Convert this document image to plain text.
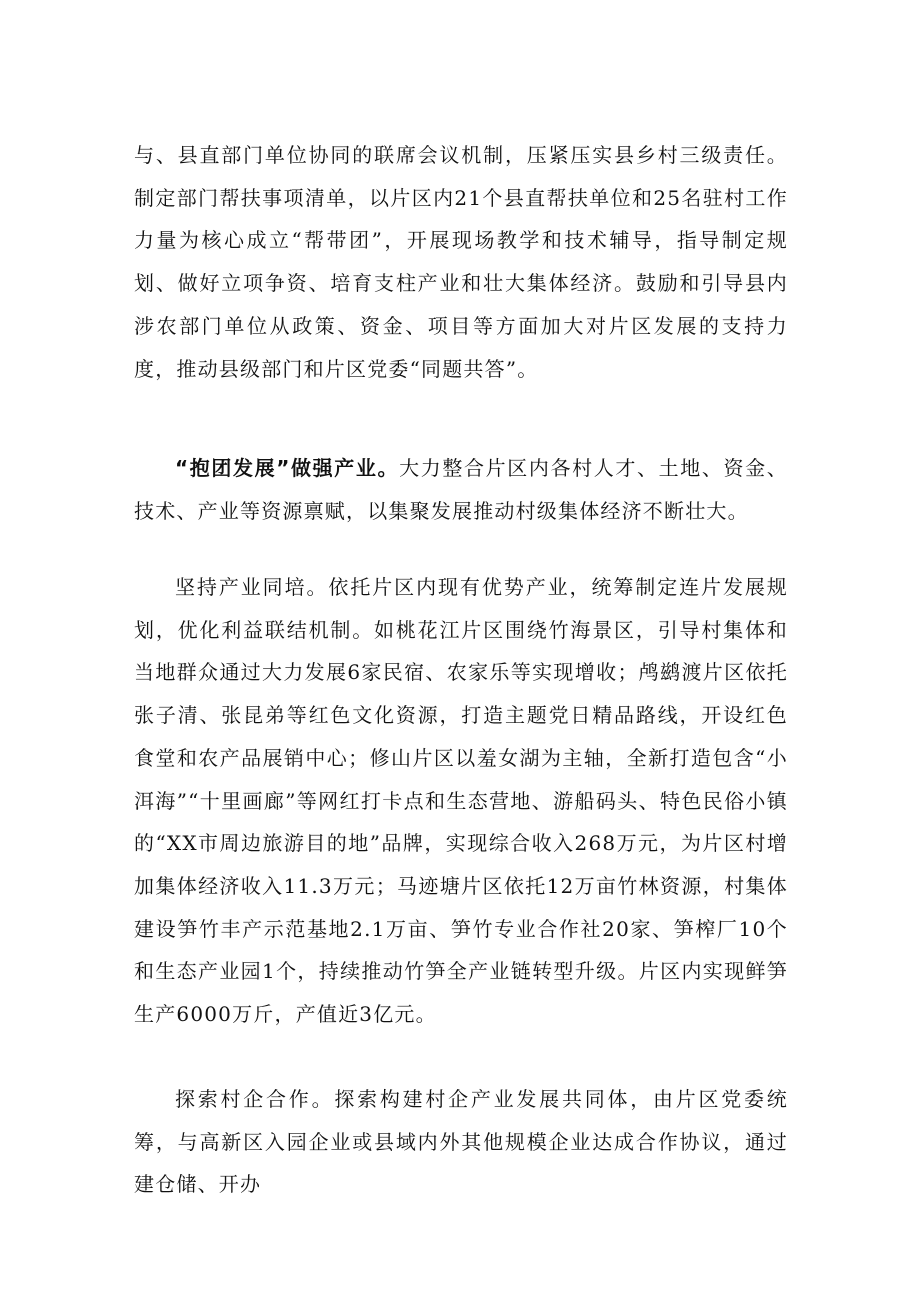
与、县直部门单位协同的联席会议机制，压紧压实县乡村三级责任。制定部门帮扶事项清单，以片区内21个县直帮扶单位和25名驻村工作力量为核心成立“帮带团”，开展现场教学和技术辅导，指导制定规划、做好立项争资、培育支柱产业和壮大集体经济。鼓励和引导县内涉农部门单位从政策、资金、项目等方面加大对片区发展的支持力度，推动县级部门和片区党委“同题共答”。

“抱团发展”做强产业。大力整合片区内各村人才、土地、资金、技术、产业等资源禀赋，以集聚发展推动村级集体经济不断壮大。

坚持产业同培。依托片区内现有优势产业，统筹制定连片发展规划，优化利益联结机制。如桃花江片区围绕竹海景区，引导村集体和当地群众通过大力发展6家民宿、农家乐等实现增收；鸬鹚渡片区依托张子清、张昆弟等红色文化资源，打造主题党日精品路线，开设红色食堂和农产品展销中心；修山片区以羞女湖为主轴，全新打造包含“小洱海”“十里画廊”等网红打卡点和生态营地、游船码头、特色民俗小镇的“XX市周边旅游目的地”品牌，实现综合收入268万元，为片区村增加集体经济收入11.3万元；马迹塘片区依托12万亩竹林资源，村集体建设笋竹丰产示范基地2.1万亩、笋竹专业合作社20家、笋榨厂10个和生态产业园1个，持续推动竹笋全产业链转型升级。片区内实现鲜笋生产6000万斤，产值近3亿元。

探索村企合作。探索构建村企产业发展共同体，由片区党委统筹，与高新区入园企业或县域内外其他规模企业达成合作协议，通过建仓储、开办
